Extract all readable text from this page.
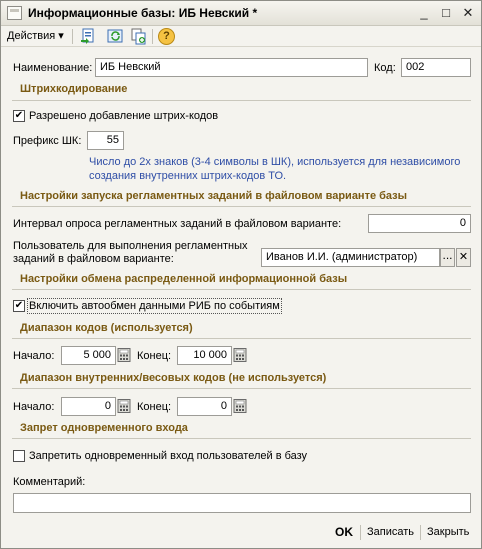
Информационные базы: ИБ Невский *	_	□ ✕
Действия ▾	?
Наименование: ИБ Невский	Код: 002
Штрихкодирование
✔ Разрешено добавление штрих-кодов
Префикс ШК:	55
Число до 2х знаков (3-4 символы в ШК), используется для независимого
создания внутренних штрих-кодов ТО.
Настройки запуска регламентных заданий в файловом варианте базы
Интервал опроса регламентных заданий в файловом варианте:	0
Пользователь для выполнения регламентных
заданий в файловом варианте:	Иванов И.И. (администратор)	... ✕
Настройки обмена распределенной информационной базы
✔ Включить автообмен данными РИБ по событиям
Диапазон кодов (используется)
Начало:	5 000	Конец:	10 000
Диапазон внутренних/весовых кодов (не используется)
Начало:	0	Конец:	0
Запрет одновременного входа
Запретить одновременный вход пользователей в базу
Комментарий:
OK Записать Закрыть
